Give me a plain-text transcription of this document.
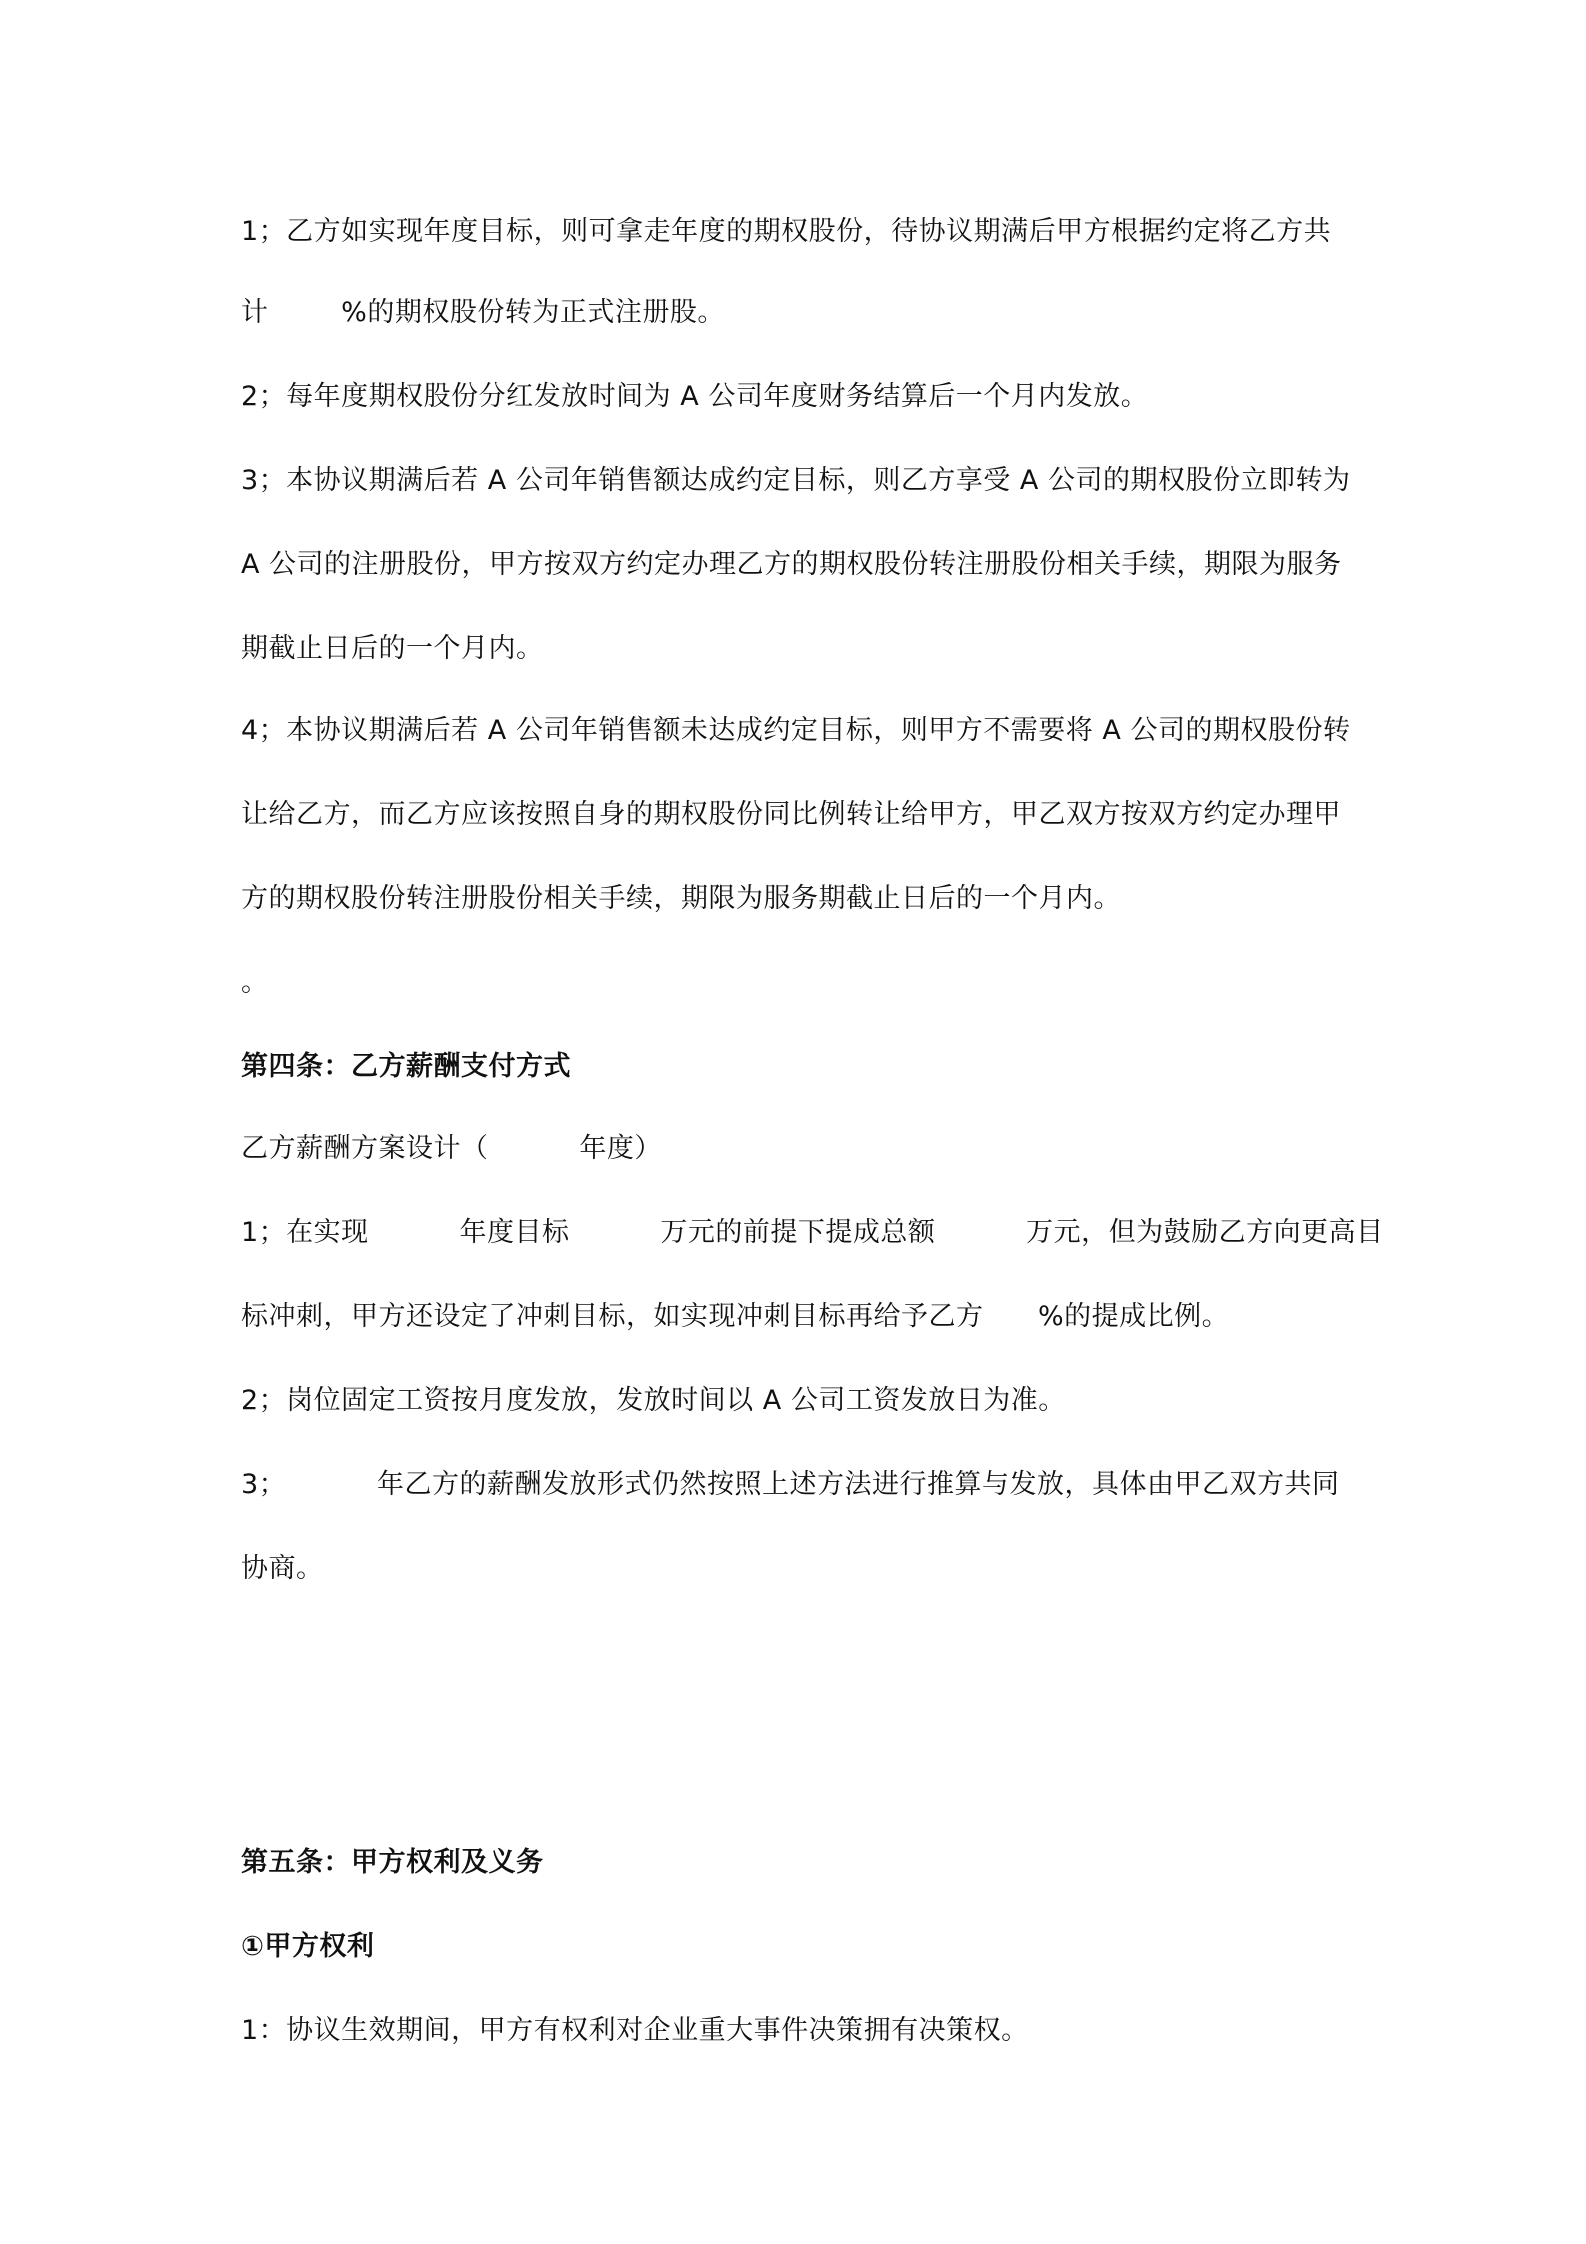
1；乙方如实现年度目标，则可拿走年度的期权股份，待协议期满后甲方根据约定将乙方共
计        %的期权股份转为正式注册股。
2；每年度期权股份分红发放时间为 A 公司年度财务结算后一个月内发放。
3；本协议期满后若 A 公司年销售额达成约定目标，则乙方享受 A 公司的期权股份立即转为
A 公司的注册股份，甲方按双方约定办理乙方的期权股份转注册股份相关手续，期限为服务
期截止日后的一个月内。
4；本协议期满后若 A 公司年销售额未达成约定目标，则甲方不需要将 A 公司的期权股份转
让给乙方，而乙方应该按照自身的期权股份同比例转让给甲方，甲乙双方按双方约定办理甲
方的期权股份转注册股份相关手续，期限为服务期截止日后的一个月内。
。
第四条：乙方薪酬支付方式
乙方薪酬方案设计（          年度）
1；在实现          年度目标          万元的前提下提成总额          万元，但为鼓励乙方向更高目
标冲刺，甲方还设定了冲刺目标，如实现冲刺目标再给予乙方      %的提成比例。
2；岗位固定工资按月度发放，发放时间以 A 公司工资发放日为准。
3；          年乙方的薪酬发放形式仍然按照上述方法进行推算与发放，具体由甲乙双方共同
协商。
第五条：甲方权利及义务
①甲方权利
1：协议生效期间，甲方有权利对企业重大事件决策拥有决策权。
